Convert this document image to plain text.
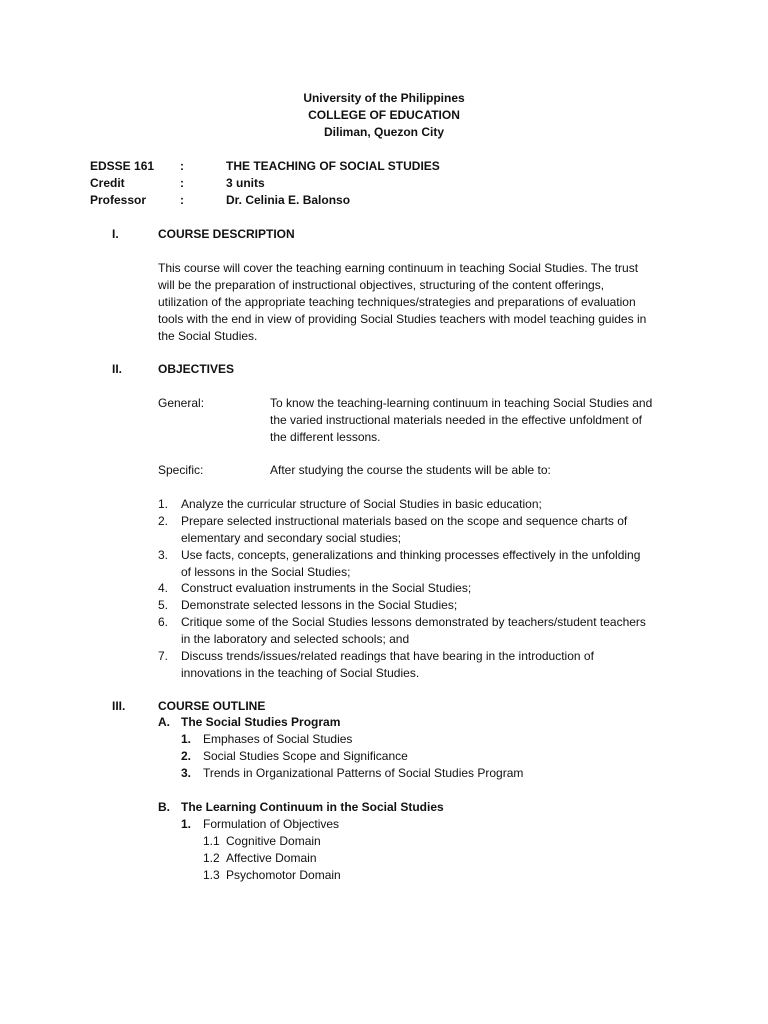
University of the Philippines
COLLEGE OF EDUCATION
Diliman, Quezon City
EDSSE 161 :	THE TEACHING OF SOCIAL STUDIES
Credit	:	3 units
Professor	:	Dr. Celinia E. Balonso
I.	COURSE DESCRIPTION
This course will cover the teaching earning continuum in teaching Social Studies. The trust
will be the preparation of instructional objectives, structuring of the content offerings,
utilization of the appropriate teaching techniques/strategies and preparations of evaluation
tools with the end in view of providing Social Studies teachers with model teaching guides in
the Social Studies.
II.	OBJECTIVES
General:	To know the teaching-learning continuum in teaching Social Studies and
the varied instructional materials needed in the effective unfoldment of
the different lessons.
Specific:	After studying the course the students will be able to:
1. Analyze the curricular structure of Social Studies in basic education;
2. Prepare selected instructional materials based on the scope and sequence charts of
elementary and secondary social studies;
3. Use facts, concepts, generalizations and thinking processes effectively in the unfolding
of lessons in the Social Studies;
4. Construct evaluation instruments in the Social Studies;
5. Demonstrate selected lessons in the Social Studies;
6. Critique some of the Social Studies lessons demonstrated by teachers/student teachers
in the laboratory and selected schools; and
7. Discuss trends/issues/related readings that have bearing in the introduction of
innovations in the teaching of Social Studies.
III.	COURSE OUTLINE
A. The Social Studies Program
1. Emphases of Social Studies
2. Social Studies Scope and Significance
3. Trends in Organizational Patterns of Social Studies Program
B. The Learning Continuum in the Social Studies
1. Formulation of Objectives
1.1 Cognitive Domain
1.2 Affective Domain
1.3 Psychomotor Domain
